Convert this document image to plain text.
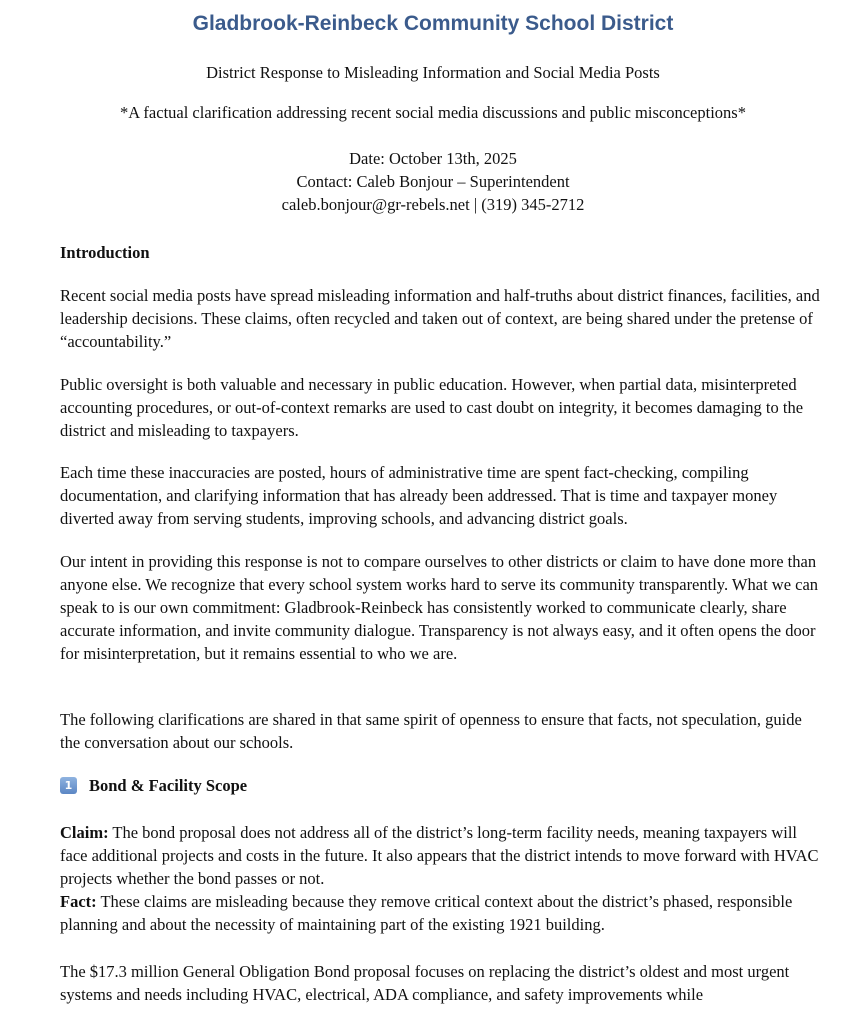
Gladbrook-Reinbeck Community School District
District Response to Misleading Information and Social Media Posts
*A factual clarification addressing recent social media discussions and public misconceptions*
Date: October 13th, 2025
Contact: Caleb Bonjour – Superintendent
caleb.bonjour@gr-rebels.net | (319) 345-2712
Introduction

Recent social media posts have spread misleading information and half-truths about district finances, facilities, and leadership decisions. These claims, often recycled and taken out of context, are being shared under the pretense of “accountability.”

Public oversight is both valuable and necessary in public education. However, when partial data, misinterpreted accounting procedures, or out-of-context remarks are used to cast doubt on integrity, it becomes damaging to the district and misleading to taxpayers.

Each time these inaccuracies are posted, hours of administrative time are spent fact-checking, compiling documentation, and clarifying information that has already been addressed. That is time and taxpayer money diverted away from serving students, improving schools, and advancing district goals.

Our intent in providing this response is not to compare ourselves to other districts or claim to have done more than anyone else. We recognize that every school system works hard to serve its community transparently. What we can speak to is our own commitment: Gladbrook-Reinbeck has consistently worked to communicate clearly, share accurate information, and invite community dialogue. Transparency is not always easy, and it often opens the door for misinterpretation, but it remains essential to who we are.

The following clarifications are shared in that same spirit of openness to ensure that facts, not speculation, guide the conversation about our schools.

1 Bond & Facility Scope

Claim: The bond proposal does not address all of the district’s long-term facility needs, meaning taxpayers will face additional projects and costs in the future. It also appears that the district intends to move forward with HVAC projects whether the bond passes or not.

Fact: These claims are misleading because they remove critical context about the district’s phased, responsible planning and about the necessity of maintaining part of the existing 1921 building.

The $17.3 million General Obligation Bond proposal focuses on replacing the district’s oldest and most urgent systems and needs including HVAC, electrical, ADA compliance, and safety improvements while
